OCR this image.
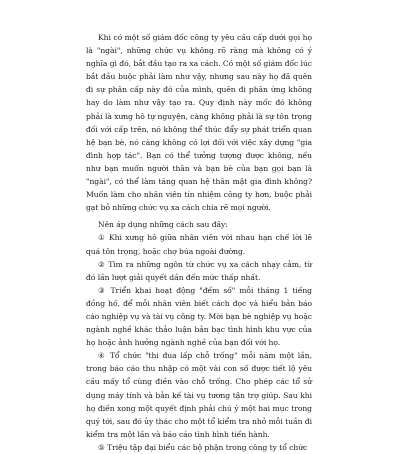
Khi có một số giám đốc công ty yêu cầu cấp dưới gọi họ là "ngài", những chức vụ không rõ ràng mà không có ý nghĩa gì đó, bắt đầu tạo ra xa cách. Có một số giám đốc lúc bắt đầu buộc phải làm như vậy, nhưng sau này họ đã quên đi sự phân cấp này đó của mình, quên đi phân ứng không hay do làm như vậy tạo ra. Quy định này mốc đó không phải là xưng hô tự nguyện, càng không phải là sự tôn trọng đối với cấp trên, nó không thể thúc đẩy sự phát triển quan hệ bạn bè, nó càng không có lợi đối với việc xây dựng "gia đình hợp tác". Bạn có thể tưởng tượng được không, nếu như bạn muốn người thân và bạn bè của bạn gọi bạn là "ngài", có thể làm tăng quan hệ thân mật gia đình không? Muốn làm cho nhân viên tín nhiệm công ty hơn, buộc phải gạt bỏ những chức vụ xa cách chia rẽ mọi người.

Nên áp dụng những cách sau đây:

① Khi xưng hô giữa nhân viên với nhau hạn chế lời lẽ quá tôn trọng, hoặc chợ búa ngoài đường.

② Tìm ra những ngôn từ chức vụ xa cách nhạy cảm, từ đó lần lượt giải quyết dần đến mức thấp nhất.

③ Triển khai hoạt động "đếm số" mỗi tháng 1 tiếng đồng hồ, để mỗi nhân viên biết cách đọc và hiểu bản báo cáo nghiệp vụ và tài vụ công ty. Mời bạn bè nghiệp vụ hoặc ngành nghề khác thảo luận bản bạc tình hình khu vực của họ hoặc ảnh hưởng ngành nghề của bạn đối với họ.

④ Tổ chức "thi đua lấp chỗ trống" mỗi năm một lần, trong báo cáo thu nhập có một vài con số được tiết lộ yêu cầu mấy tổ cùng điền vào chỗ trống. Cho phép các tổ sử dụng máy tính và bản kế tài vụ tương tận trợ giúp. Sau khi họ điền xong một quyết định phải chú ý một hai mục trong quý tới, sau đó ủy thác cho một tổ kiểm tra nhỏ mỗi tuần đi kiểm tra một lần và báo cáo tình hình tiến hành.

⑤ Triệu tập đại biểu các bộ phận trong công ty tổ chức
